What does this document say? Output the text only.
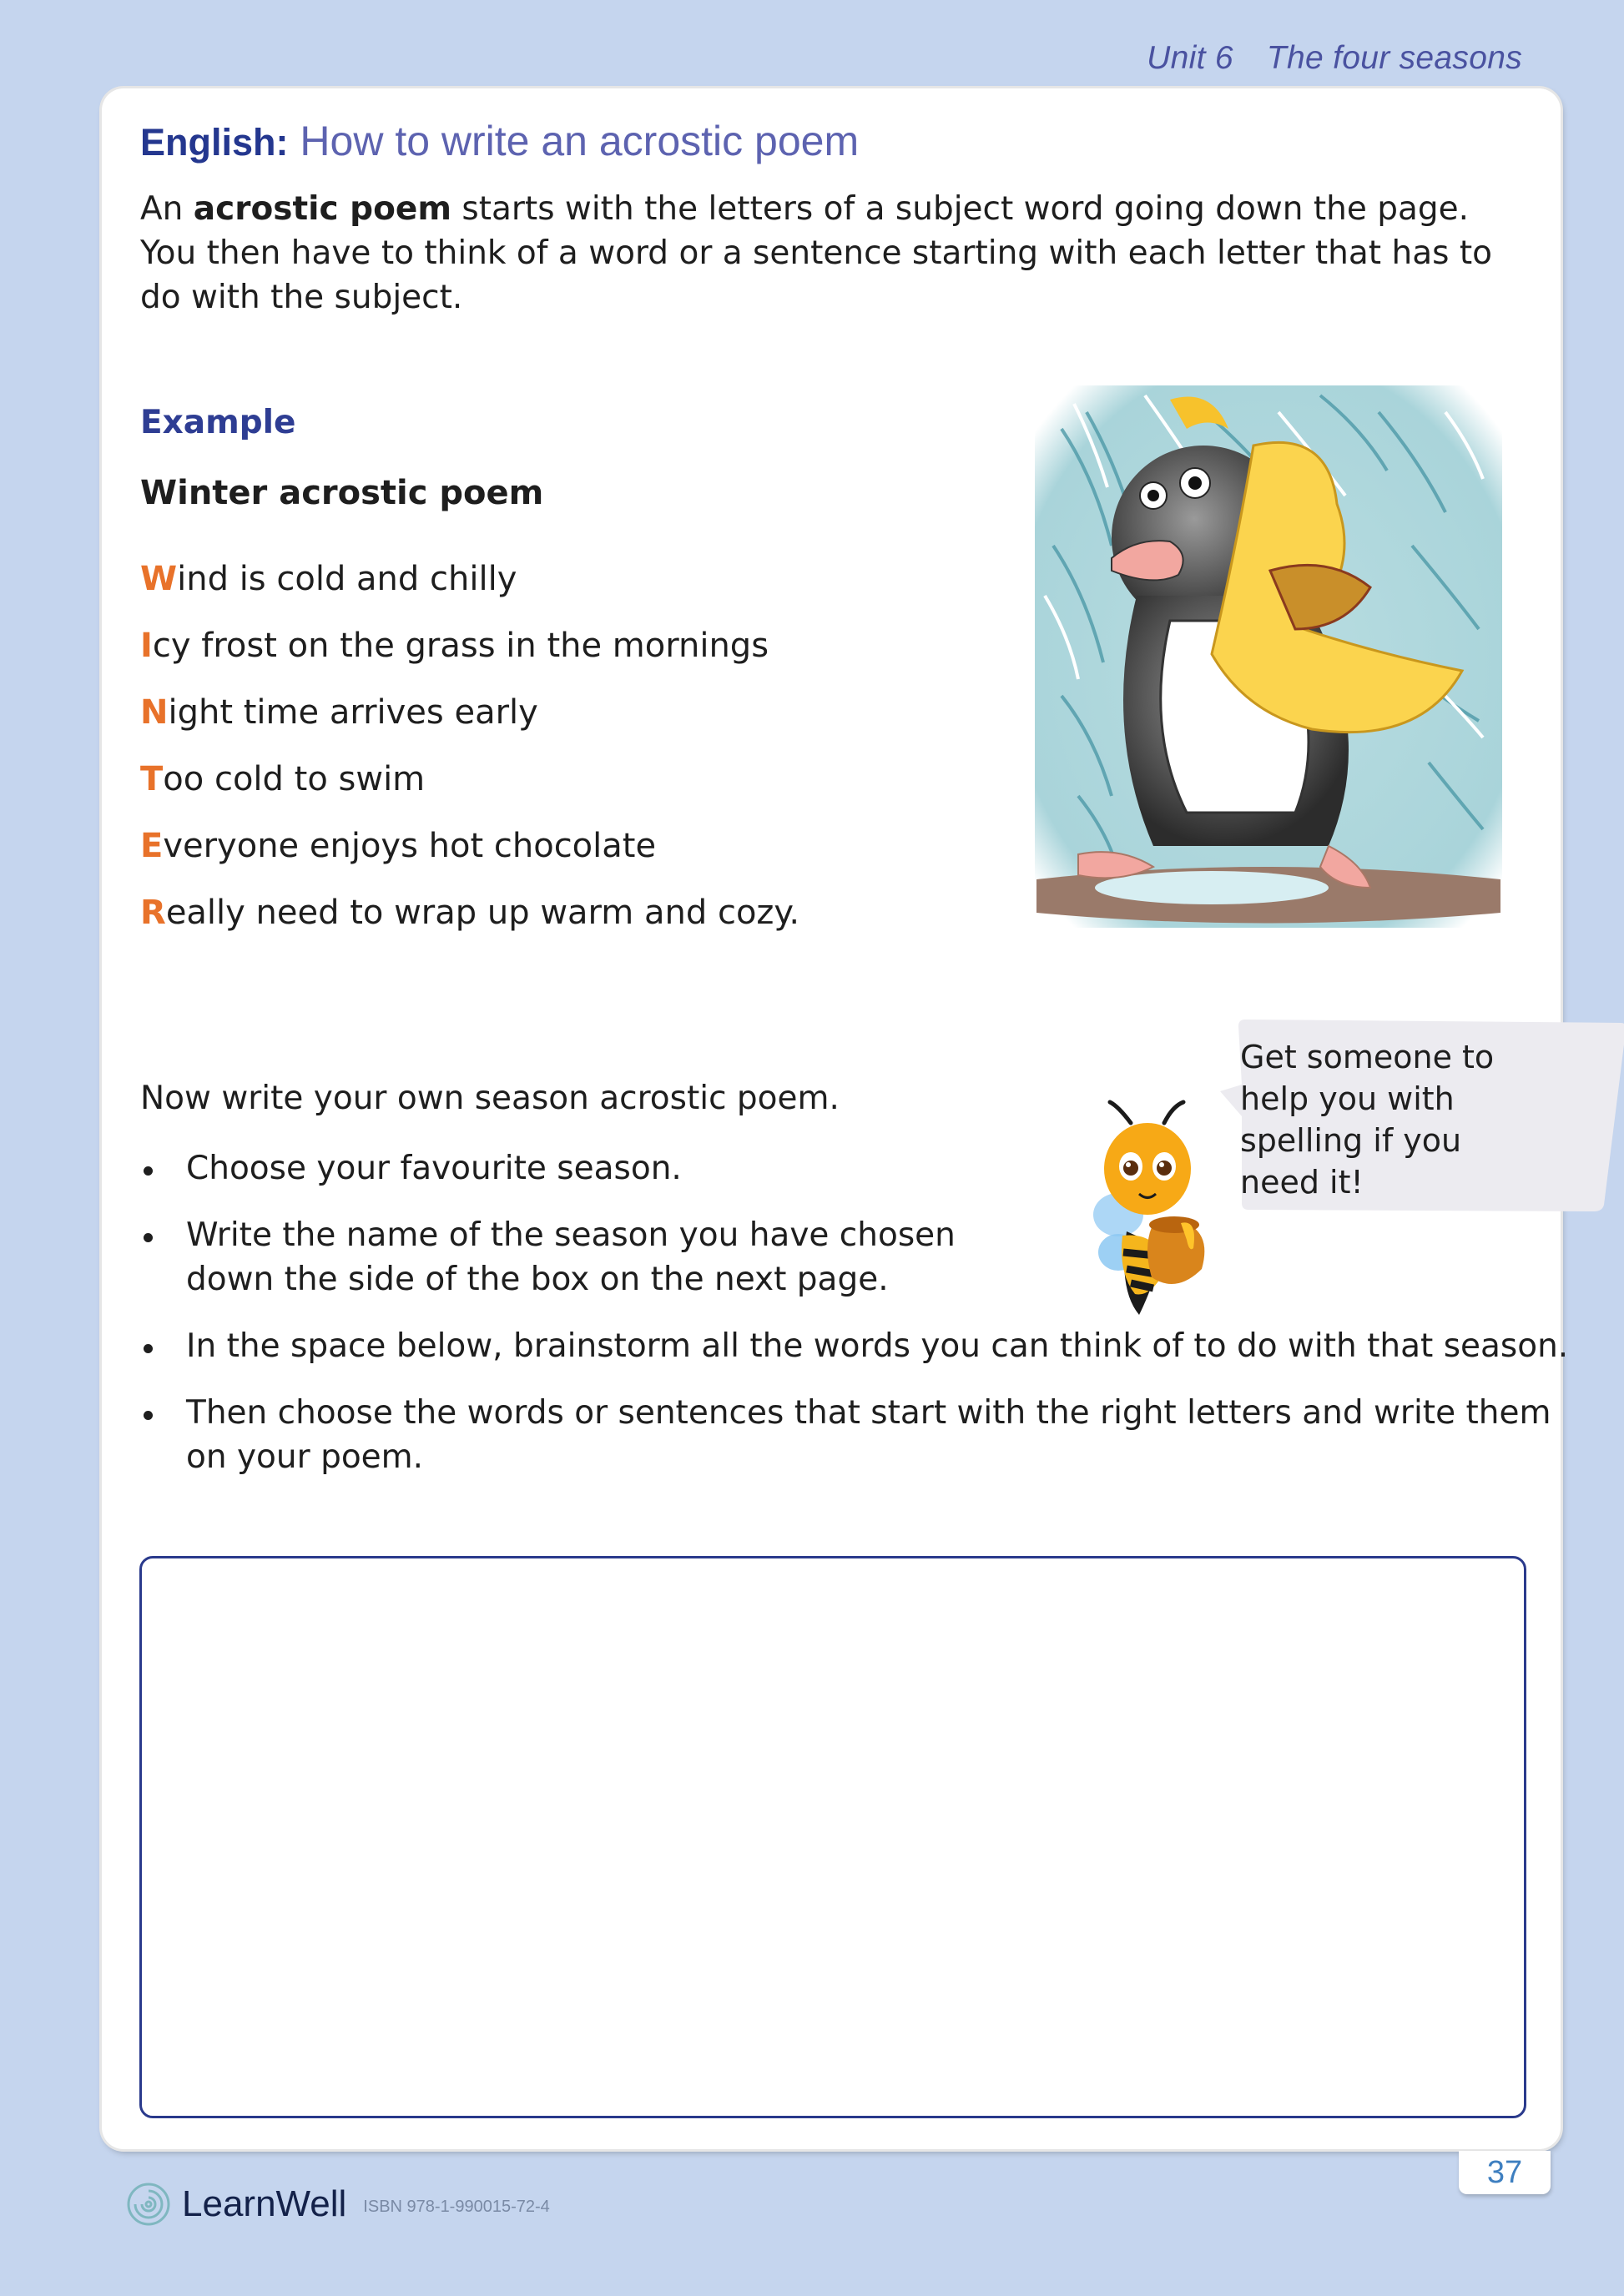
Unit 6 The four seasons
English: How to write an acrostic poem
An acrostic poem starts with the letters of a subject word going down the page. You then have to think of a word or a sentence starting with each letter that has to do with the subject.
Example
Winter acrostic poem
Wind is cold and chilly
Icy frost on the grass in the mornings
Night time arrives early
Too cold to swim
Everyone enjoys hot chocolate
Really need to wrap up warm and cozy.
Now write your own season acrostic poem.
Choose your favourite season.
Write the name of the season you have chosen down the side of the box on the next page.
In the space below, brainstorm all the words you can think of to do with that season.
Then choose the words or sentences that start with the right letters and write them on your poem.
Get someone to help you with spelling if you need it!
37
LearnWell ISBN 978-1-990015-72-4
